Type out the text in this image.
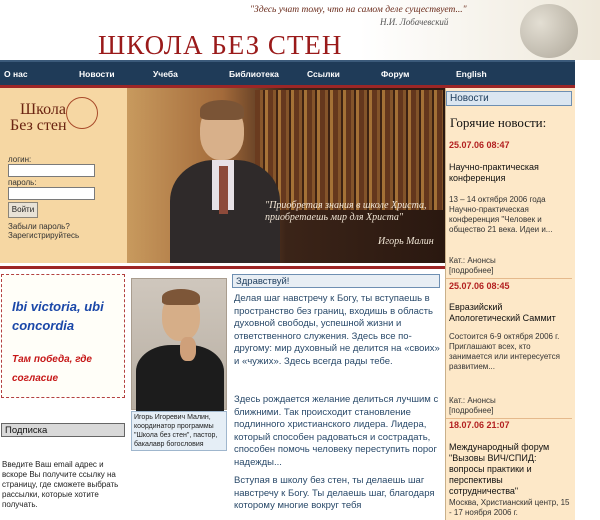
"Здесь учат тому, что на самом деле существует..."
Н.И. Лобачевский
ШКОЛА БЕЗ СТЕН
О нас	Новости	Учеба	Библиотека	Ссылки	Форум	English
Школа
Без стен
логин:
пароль:
Войти
Забыли пароль?
Зарегистрируйтесь
"Приобретая знания в школе Христа, приобретаешь мир для Христа"
Игорь Малин
Ibi victoria, ubi concordia
Там победа, где согласие
Подписка
Введите Ваш email адрес и вскоре Вы получите ссылку на страницу, где сможете выбрать рассылки, которые хотите получать.
Игорь Игоревич Малин, координатор программы "Школа без стен", пастор, бакалавр богословия
Здравствуй!
Делая шаг навстречу к Богу, ты вступаешь в пространство без границ, входишь в область духовной свободы, успешной жизни и ответственного служения. Здесь все по-другому: мир духовный не делится на «своих» и «чужих». Здесь всегда рады тебе.
Здесь рождается желание делиться лучшим с ближними. Так происходит становление подлинного христианского лидера. Лидера, который способен радоваться и сострадать, способен помочь человеку переступить порог надежды...
Вступая в школу без стен, ты делаешь шаг навстречу к Богу. Ты делаешь шаг, благодаря которому многие вокруг тебя
Новости
Горячие новости:
25.07.06 08:47
Научно-практическая конференция
13 – 14 октября 2006 года Научно-практическая конференция "Человек и общество 21 века. Идеи и...
Кат.: Анонсы
[подробнее]
25.07.06 08:45
Евразийский Апологетический Саммит
Состоится 6-9 октября 2006 г. Приглашают всех, кто занимается или интересуется развитием...
Кат.: Анонсы
[подробнее]
18.07.06 21:07
Международный форум "Вызовы ВИЧ/СПИД: вопросы практики и перспективы сотрудничества"
Москва, Христианский центр, 15 - 17 ноября 2006 г.
